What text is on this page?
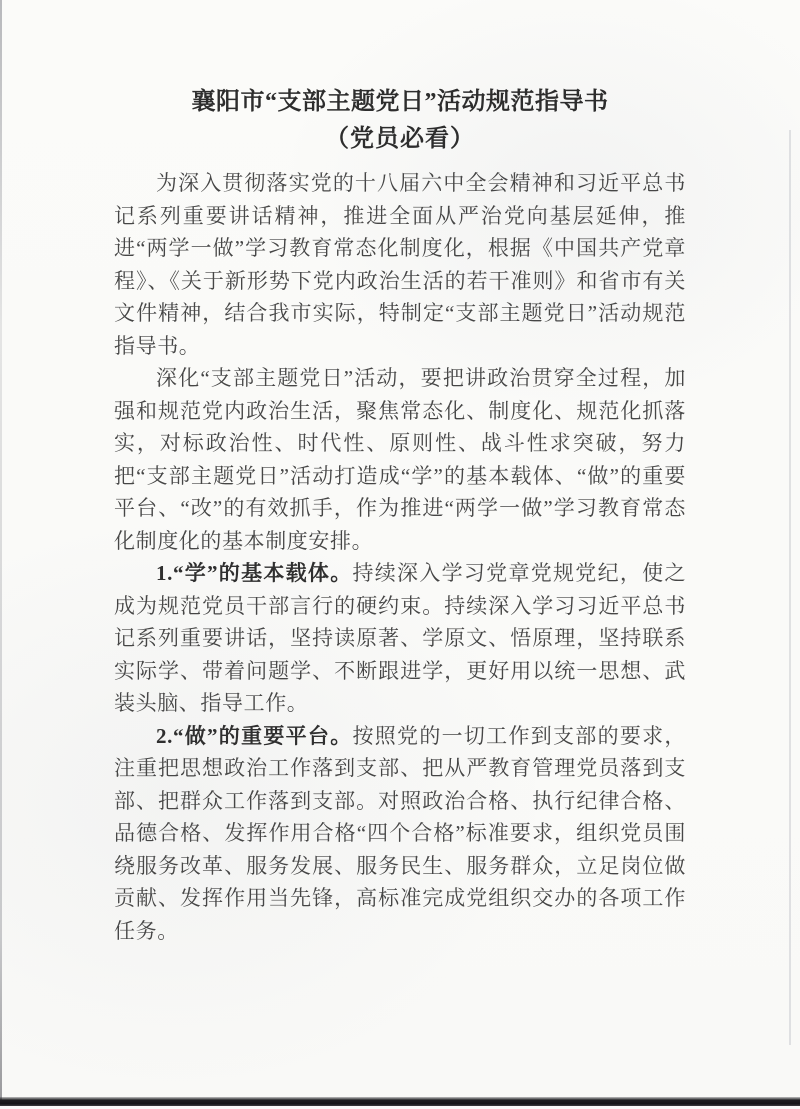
襄阳市“支部主题党日”活动规范指导书
（党员必看）

为深入贯彻落实党的十八届六中全会精神和习近平总书记系列重要讲话精神，推进全面从严治党向基层延伸，推进“两学一做”学习教育常态化制度化，根据《中国共产党章程》、《关于新形势下党内政治生活的若干准则》和省市有关文件精神，结合我市实际，特制定“支部主题党日”活动规范指导书。

深化“支部主题党日”活动，要把讲政治贯穿全过程，加强和规范党内政治生活，聚焦常态化、制度化、规范化抓落实，对标政治性、时代性、原则性、战斗性求突破，努力把“支部主题党日”活动打造成“学”的基本载体、“做”的重要平台、“改”的有效抓手，作为推进“两学一做”学习教育常态化制度化的基本制度安排。

1.“学”的基本载体。持续深入学习党章党规党纪，使之成为规范党员干部言行的硬约束。持续深入学习习近平总书记系列重要讲话，坚持读原著、学原文、悟原理，坚持联系实际学、带着问题学、不断跟进学，更好用以统一思想、武装头脑、指导工作。

2.“做”的重要平台。按照党的一切工作到支部的要求，注重把思想政治工作落到支部、把从严教育管理党员落到支部、把群众工作落到支部。对照政治合格、执行纪律合格、品德合格、发挥作用合格“四个合格”标准要求，组织党员围绕服务改革、服务发展、服务民生、服务群众，立足岗位做贡献、发挥作用当先锋，高标准完成党组织交办的各项工作任务。
